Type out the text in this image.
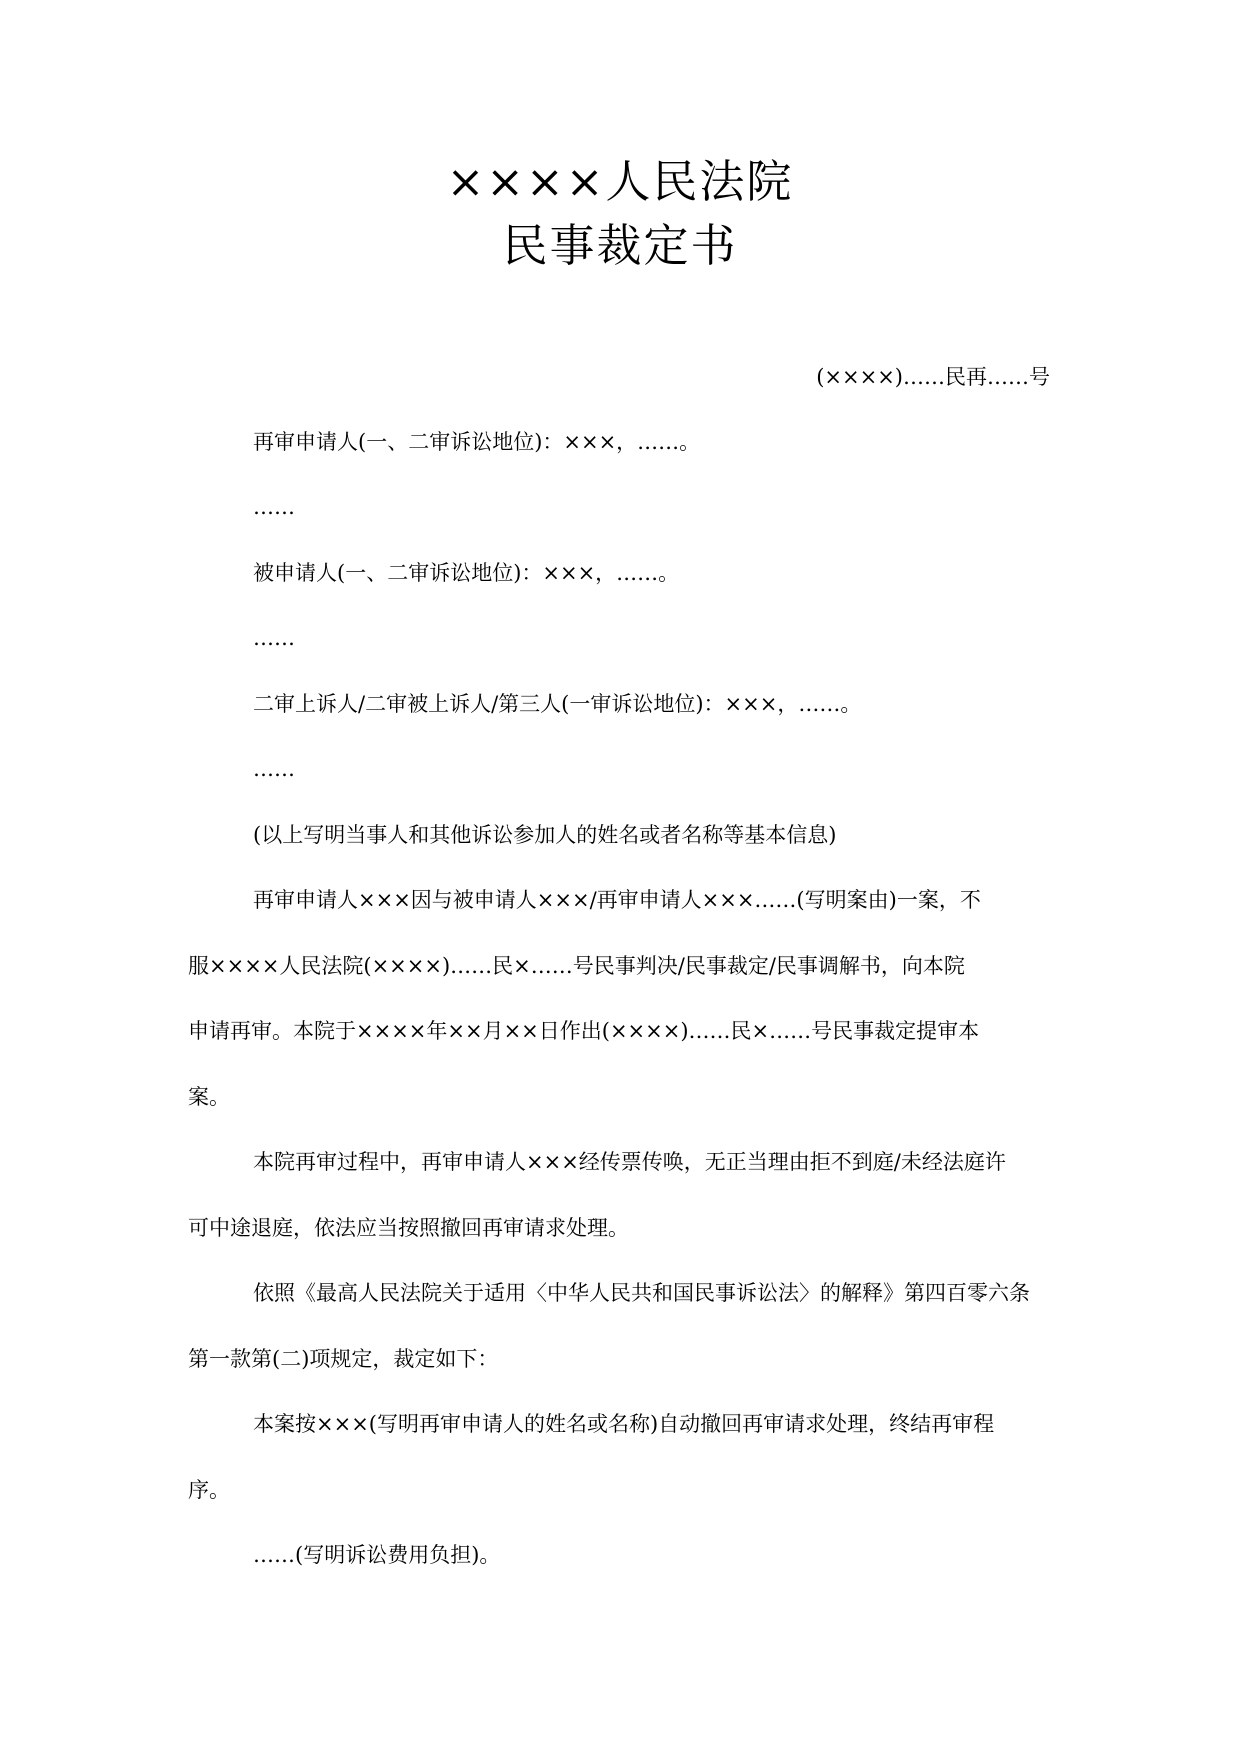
××××人民法院
民事裁定书
(××××)……民再……号
再审申请人(一、二审诉讼地位)：×××，……。
……
被申请人(一、二审诉讼地位)：×××，……。
……
二审上诉人/二审被上诉人/第三人(一审诉讼地位)：×××，……。
……
(以上写明当事人和其他诉讼参加人的姓名或者名称等基本信息)
再审申请人×××因与被申请人×××/再审申请人×××……(写明案由)一案，不
服××××人民法院(××××)……民×……号民事判决/民事裁定/民事调解书，向本院
申请再审。本院于××××年××月××日作出(××××)……民×……号民事裁定提审本
案。
本院再审过程中，再审申请人×××经传票传唤，无正当理由拒不到庭/未经法庭许
可中途退庭，依法应当按照撤回再审请求处理。
依照《最高人民法院关于适用〈中华人民共和国民事诉讼法〉的解释》第四百零六条
第一款第(二)项规定，裁定如下：
本案按×××(写明再审申请人的姓名或名称)自动撤回再审请求处理，终结再审程
序。
……(写明诉讼费用负担)。
